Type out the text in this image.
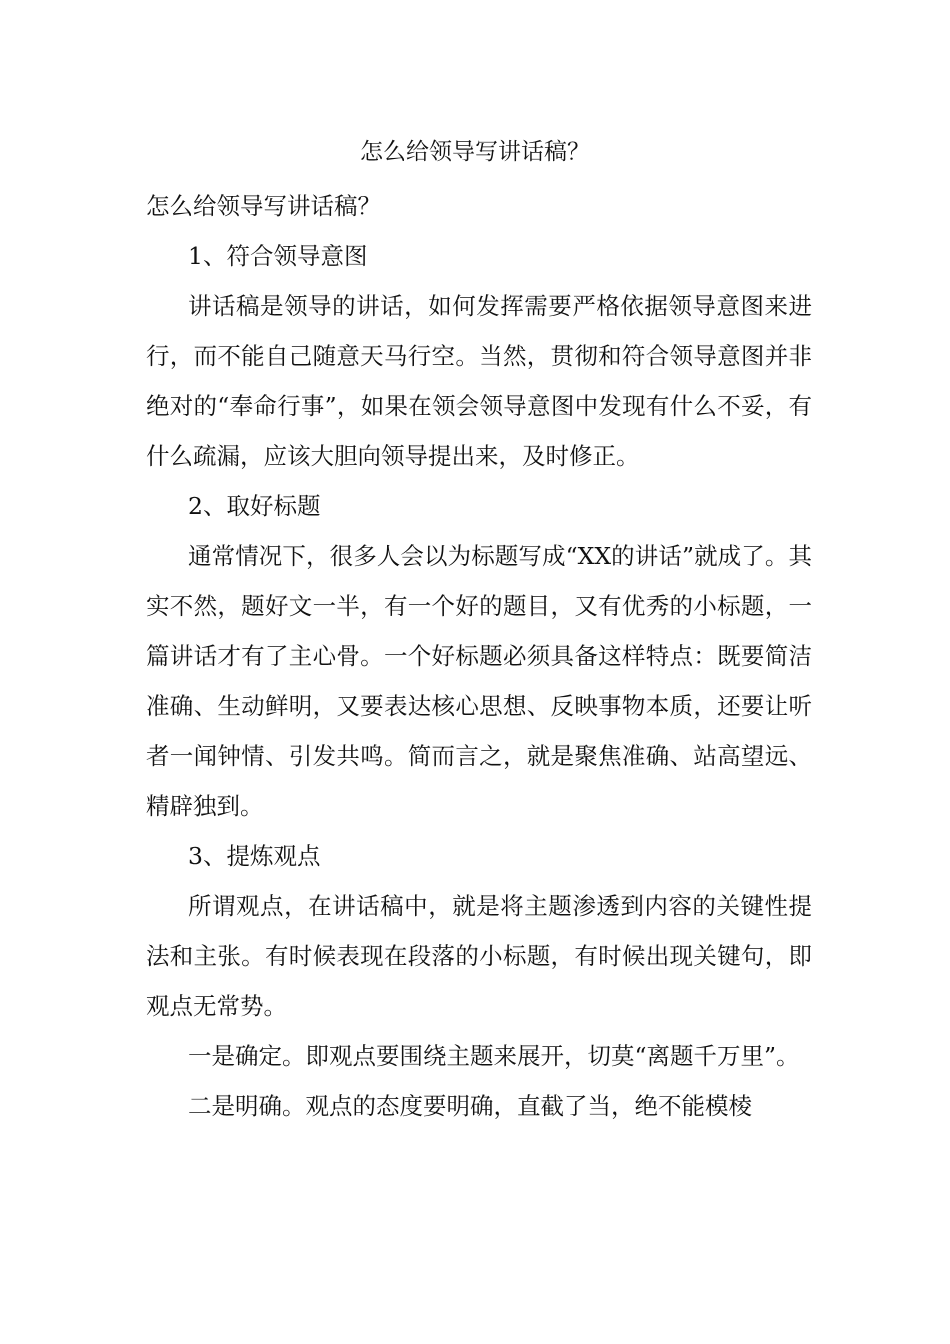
怎么给领导写讲话稿？

怎么给领导写讲话稿？

1、符合领导意图

讲话稿是领导的讲话，如何发挥需要严格依据领导意图来进行，而不能自己随意天马行空。当然，贯彻和符合领导意图并非绝对的“奉命行事”，如果在领会领导意图中发现有什么不妥，有什么疏漏，应该大胆向领导提出来，及时修正。

2、取好标题

通常情况下，很多人会以为标题写成“XX的讲话”就成了。其实不然，题好文一半，有一个好的题目，又有优秀的小标题，一篇讲话才有了主心骨。一个好标题必须具备这样特点：既要简洁准确、生动鲜明，又要表达核心思想、反映事物本质，还要让听者一闻钟情、引发共鸣。简而言之，就是聚焦准确、站高望远、精辟独到。

3、提炼观点

所谓观点，在讲话稿中，就是将主题渗透到内容的关键性提法和主张。有时候表现在段落的小标题，有时候出现关键句，即观点无常势。

一是确定。即观点要围绕主题来展开，切莫“离题千万里”。

二是明确。观点的态度要明确，直截了当，绝不能模棱
